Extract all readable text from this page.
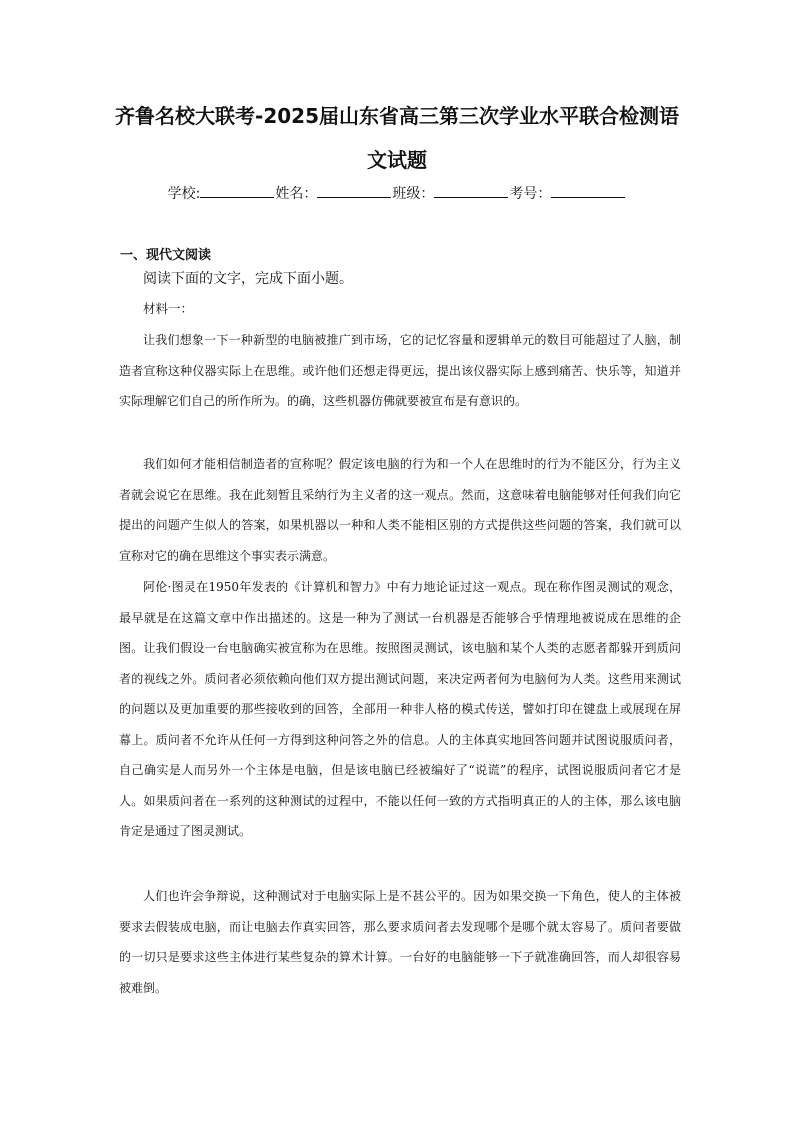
齐鲁名校大联考-2025届山东省高三第三次学业水平联合检测语
文试题
学校:	姓名：	班级：	考号：
一、现代文阅读
阅读下面的文字，完成下面小题。
材料一：

让我们想象一下一种新型的电脑被推广到市场，它的记忆容量和逻辑单元的数目可能超过了人脑，制造者宣称这种仪器实际上在思维。或许他们还想走得更远，提出该仪器实际上感到痛苦、快乐等，知道并实际理解它们自己的所作所为。的确，这些机器仿佛就要被宣布是有意识的。

我们如何才能相信制造者的宣称呢？假定该电脑的行为和一个人在思维时的行为不能区分，行为主义者就会说它在思维。我在此刻暂且采纳行为主义者的这一观点。然而，这意味着电脑能够对任何我们向它提出的问题产生似人的答案，如果机器以一种和人类不能相区别的方式提供这些问题的答案，我们就可以宣称对它的确在思维这个事实表示满意。

阿伦·图灵在1950年发表的《计算机和智力》中有力地论证过这一观点。现在称作图灵测试的观念，最早就是在这篇文章中作出描述的。这是一种为了测试一台机器是否能够合乎情理地被说成在思维的企图。让我们假设一台电脑确实被宣称为在思维。按照图灵测试，该电脑和某个人类的志愿者都躲开到质问者的视线之外。质问者必须依赖向他们双方提出测试问题，来决定两者何为电脑何为人类。这些用来测试的问题以及更加重要的那些接收到的回答，全部用一种非人格的模式传送，譬如打印在键盘上或展现在屏幕上。质问者不允许从任何一方得到这种问答之外的信息。人的主体真实地回答问题并试图说服质问者，自己确实是人而另外一个主体是电脑，但是该电脑已经被编好了“说谎”的程序，试图说服质问者它才是人。如果质问者在一系列的这种测试的过程中，不能以任何一致的方式指明真正的人的主体，那么该电脑肯定是通过了图灵测试。

人们也许会争辩说，这种测试对于电脑实际上是不甚公平的。因为如果交换一下角色，使人的主体被要求去假装成电脑，而让电脑去作真实回答，那么要求质问者去发现哪个是哪个就太容易了。质问者要做的一切只是要求这些主体进行某些复杂的算术计算。一台好的电脑能够一下子就准确回答，而人却很容易被难倒。
